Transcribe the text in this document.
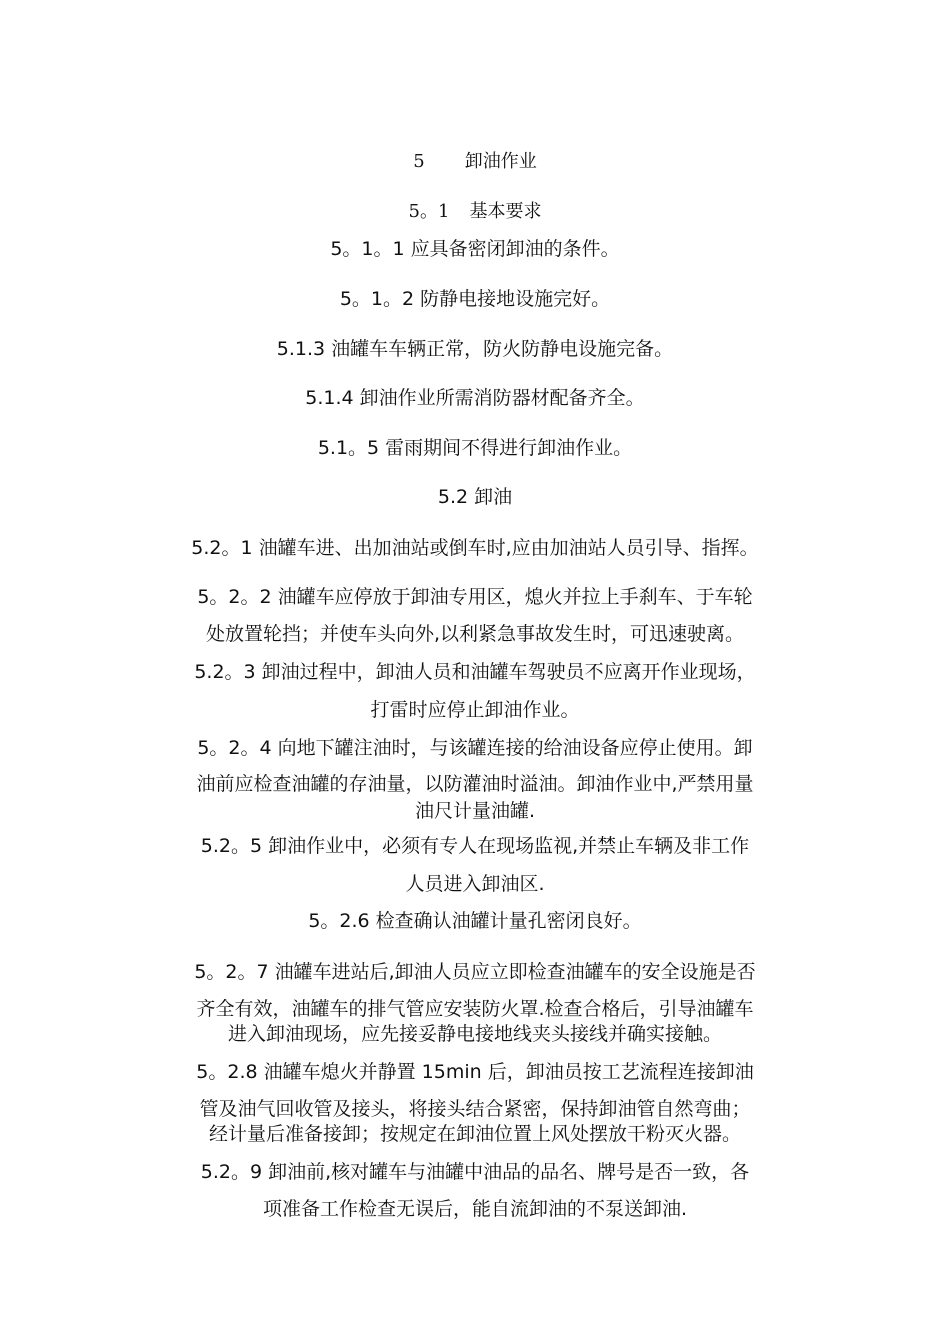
5 卸油作业
5。1 基本要求
5。1。1 应具备密闭卸油的条件。
5。1。2 防静电接地设施完好。
5.1.3 油罐车车辆正常，防火防静电设施完备。
5.1.4 卸油作业所需消防器材配备齐全。
5.1。5 雷雨期间不得进行卸油作业。
5.2 卸油
5.2。1 油罐车进、出加油站或倒车时,应由加油站人员引导、指挥。
5。2。2 油罐车应停放于卸油专用区，熄火并拉上手刹车、于车轮
处放置轮挡；并使车头向外,以利紧急事故发生时，可迅速驶离。
5.2。3 卸油过程中，卸油人员和油罐车驾驶员不应离开作业现场，
打雷时应停止卸油作业。
5。2。4 向地下罐注油时，与该罐连接的给油设备应停止使用。卸
油前应检查油罐的存油量，以防灌油时溢油。卸油作业中,严禁用量
油尺计量油罐.
5.2。5 卸油作业中，必须有专人在现场监视,并禁止车辆及非工作
人员进入卸油区.
5。2.6 检查确认油罐计量孔密闭良好。
5。2。7 油罐车进站后,卸油人员应立即检查油罐车的安全设施是否
齐全有效，油罐车的排气管应安装防火罩.检查合格后，引导油罐车
进入卸油现场，应先接妥静电接地线夹头接线并确实接触。
5。2.8 油罐车熄火并静置 15min 后，卸油员按工艺流程连接卸油
管及油气回收管及接头，将接头结合紧密，保持卸油管自然弯曲；
经计量后准备接卸；按规定在卸油位置上风处摆放干粉灭火器。
5.2。9 卸油前,核对罐车与油罐中油品的品名、牌号是否一致，各
项准备工作检查无误后，能自流卸油的不泵送卸油.
